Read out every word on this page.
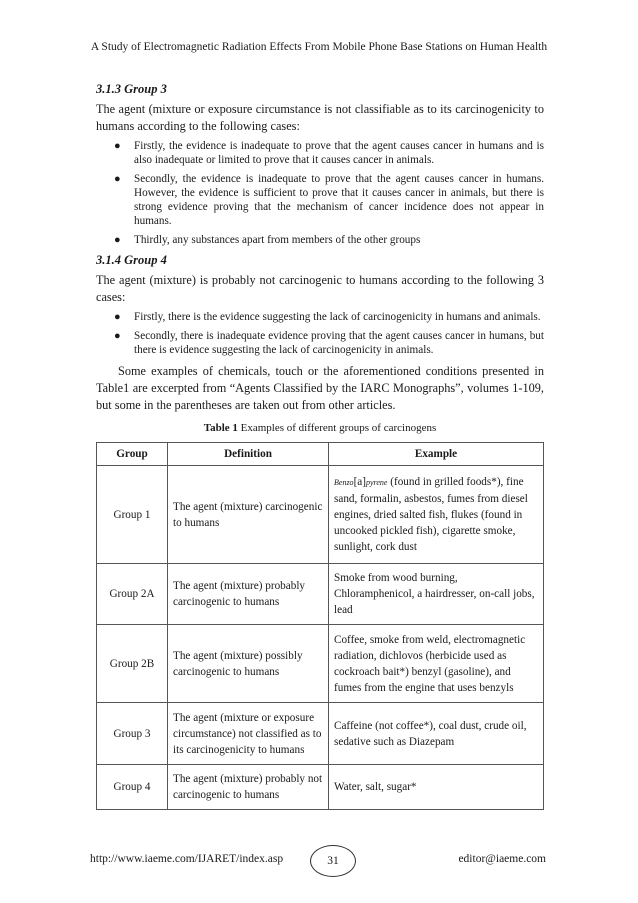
A Study of Electromagnetic Radiation Effects From Mobile Phone Base Stations on Human Health
3.1.3 Group 3

The agent (mixture or exposure circumstance is not classifiable as to its carcinogenicity to humans according to the following cases:

● Firstly, the evidence is inadequate to prove that the agent causes cancer in humans and is also inadequate or limited to prove that it causes cancer in animals.
● Secondly, the evidence is inadequate to prove that the agent causes cancer in humans. However, the evidence is sufficient to prove that it causes cancer in animals, but there is strong evidence proving that the mechanism of cancer incidence does not appear in humans.
● Thirdly, any substances apart from members of the other groups
3.1.4 Group 4

The agent (mixture) is probably not carcinogenic to humans according to the following 3 cases:

● Firstly, there is the evidence suggesting the lack of carcinogenicity in humans and animals.
● Secondly, there is inadequate evidence proving that the agent causes cancer in humans, but there is evidence suggesting the lack of carcinogenicity in animals.

Some examples of chemicals, touch or the aforementioned conditions presented in Table1 are excerpted from “Agents Classified by the IARC Monographs”, volumes 1-109, but some in the parentheses are taken out from other articles.

Table 1 Examples of different groups of carcinogens
Group	Definition	Example
Group 1	The agent (mixture) carcinogenic to humans	Benzo[a]pyrene (found in grilled foods*), fine sand, formalin, asbestos, fumes from diesel engines, dried salted fish, flukes (found in uncooked pickled fish), cigarette smoke, sunlight, cork dust
Group 2A	The agent (mixture) probably carcinogenic to humans	Smoke from wood burning, Chloramphenicol, a hairdresser, on-call jobs, lead
Group 2B	The agent (mixture) possibly carcinogenic to humans	Coffee, smoke from weld, electromagnetic radiation, dichlovos (herbicide used as cockroach bait*) benzyl (gasoline), and fumes from the engine that uses benzyls
Group 3	The agent (mixture or exposure circumstance) not classified as to its carcinogenicity to humans	Caffeine (not coffee*), coal dust, crude oil, sedative such as Diazepam
Group 4	The agent (mixture) probably not carcinogenic to humans	Water, salt, sugar*
http://www.iaeme.com/IJARET/index.asp	31	editor@iaeme.com
